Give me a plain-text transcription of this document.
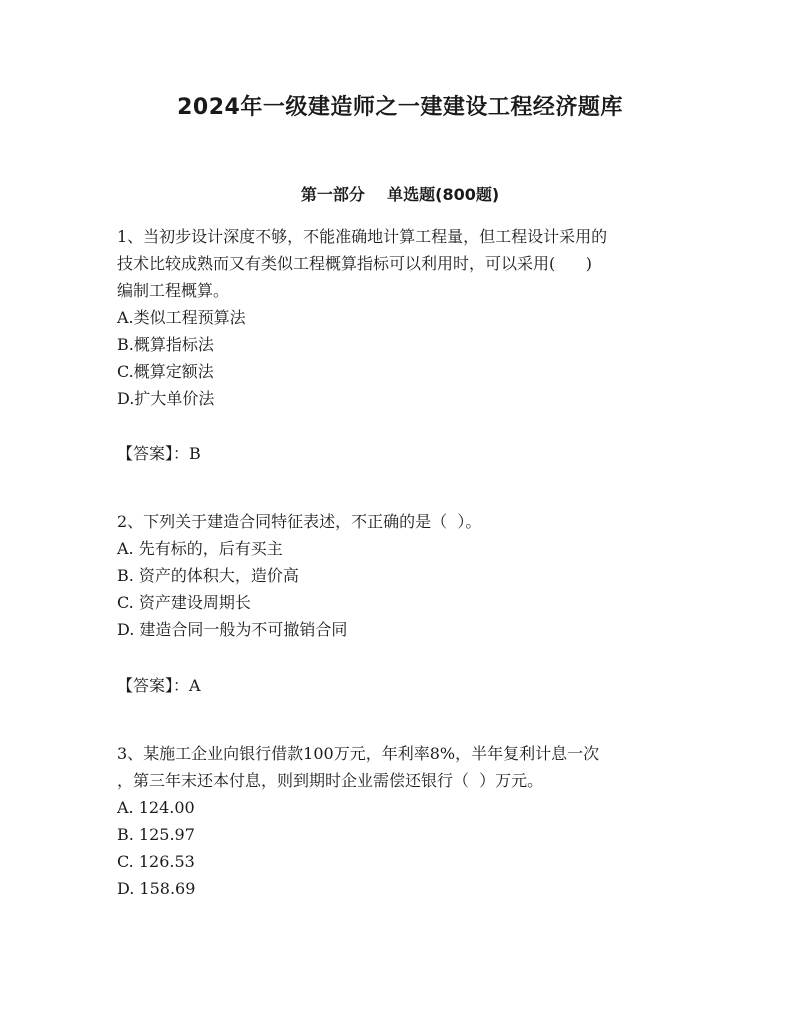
2024年一级建造师之一建建设工程经济题库
第一部分    单选题(800题)
1、当初步设计深度不够，不能准确地计算工程量，但工程设计采用的
技术比较成熟而又有类似工程概算指标可以利用时，可以采用(      )
编制工程概算。
A.类似工程预算法
B.概算指标法
C.概算定额法
D.扩大单价法
【答案】：B
2、下列关于建造合同特征表述，不正确的是（  ）。
A. 先有标的，后有买主
B. 资产的体积大，造价高
C. 资产建设周期长
D. 建造合同一般为不可撤销合同
【答案】：A
3、某施工企业向银行借款100万元，年利率8%，半年复利计息一次
，第三年末还本付息，则到期时企业需偿还银行（  ）万元。
A. 124.00
B. 125.97
C. 126.53
D. 158.69
